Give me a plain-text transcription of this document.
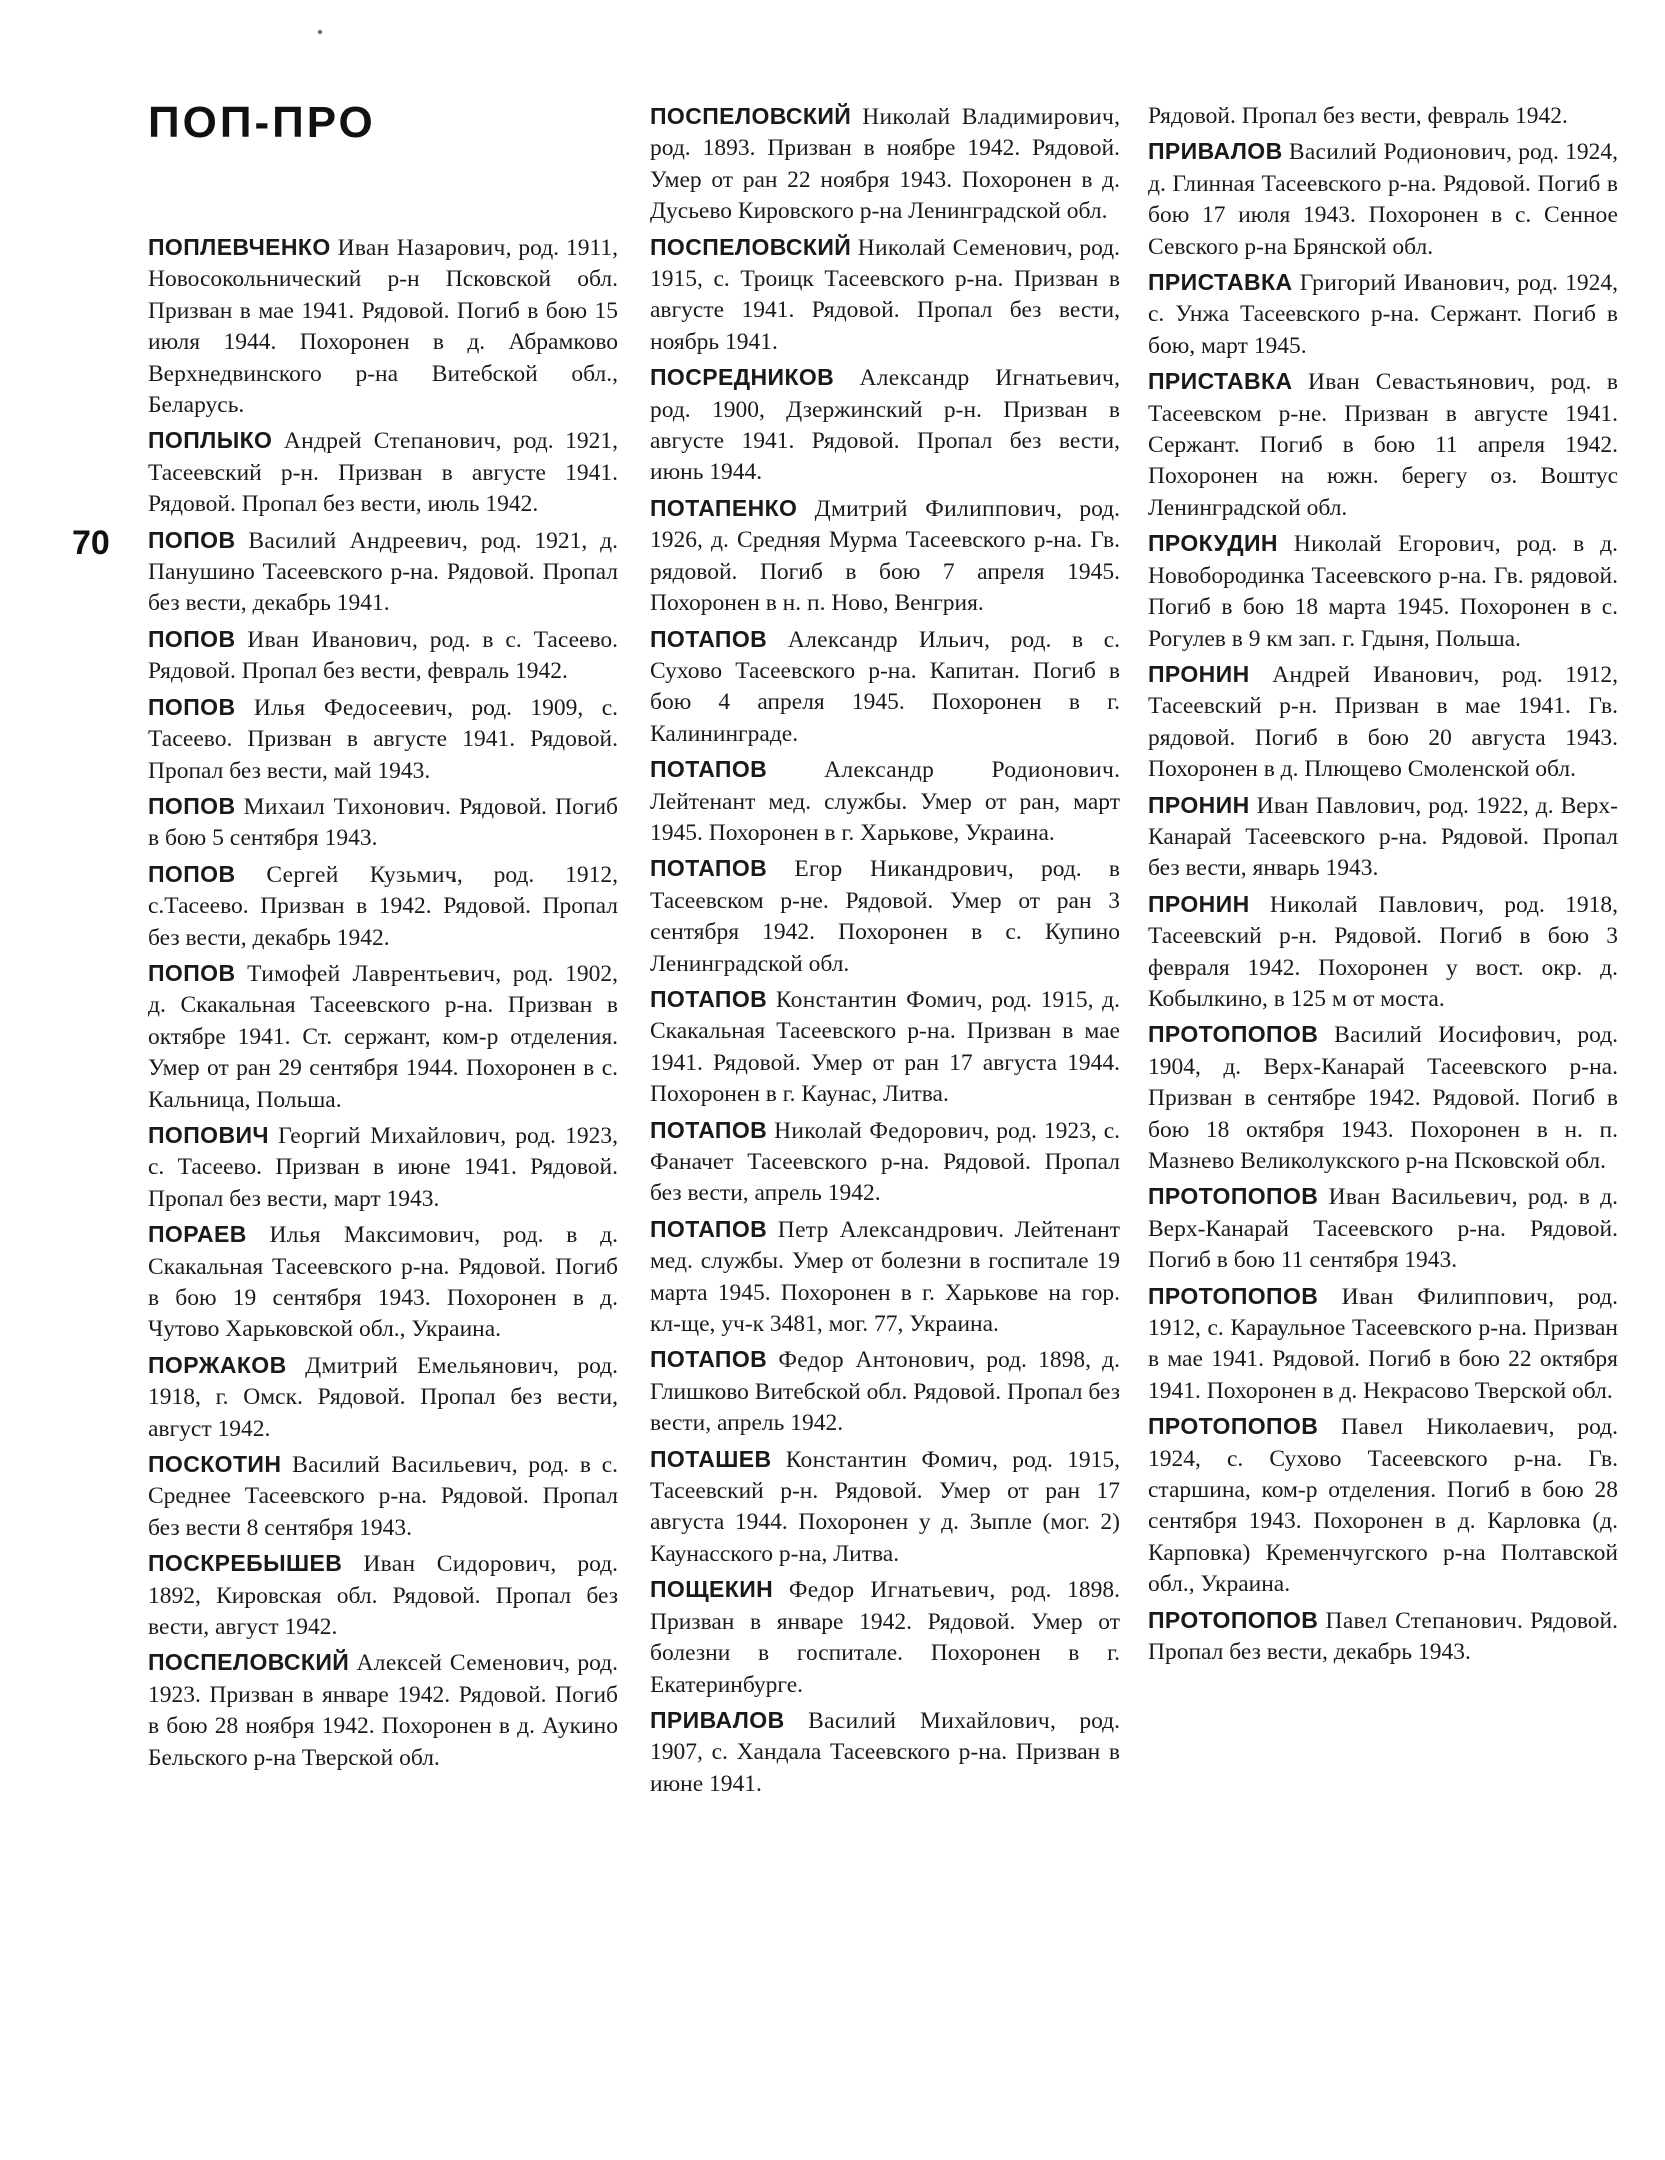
ПОП-ПРО
70

ПОПЛЕВЧЕНКО Иван Назарович, род. 1911, Новосокольнический р-н Псковской обл. Призван в мае 1941. Рядовой. Погиб в бою 15 июля 1944. Похоронен в д. Абрамково Верхнедвинского р-на Витебской обл., Беларусь.

ПОПЛЫКО Андрей Степанович, род. 1921, Тасеевский р-н. Призван в августе 1941. Рядовой. Пропал без вести, июль 1942.

ПОПОВ Василий Андреевич, род. 1921, д. Панушино Тасеевского р-на. Рядовой. Пропал без вести, декабрь 1941.

ПОПОВ Иван Иванович, род. в с. Тасеево. Рядовой. Пропал без вести, февраль 1942.

ПОПОВ Илья Федосеевич, род. 1909, с. Тасеево. Призван в августе 1941. Рядовой. Пропал без вести, май 1943.

ПОПОВ Михаил Тихонович. Рядовой. Погиб в бою 5 сентября 1943.

ПОПОВ Сергей Кузьмич, род. 1912, с.Тасеево. Призван в 1942. Рядовой. Пропал без вести, декабрь 1942.

ПОПОВ Тимофей Лаврентьевич, род. 1902, д. Скакальная Тасеевского р-на. Призван в октябре 1941. Ст. сержант, ком-р отделения. Умер от ран 29 сентября 1944. Похоронен в с. Кальница, Польша.

ПОПОВИЧ Георгий Михайлович, род. 1923, с. Тасеево. Призван в июне 1941. Рядовой. Пропал без вести, март 1943.

ПОРАЕВ Илья Максимович, род. в д. Скакальная Тасеевского р-на. Рядовой. Погиб в бою 19 сентября 1943. Похоронен в д. Чутово Харьковской обл., Украина.

ПОРЖАКОВ Дмитрий Емельянович, род. 1918, г. Омск. Рядовой. Пропал без вести, август 1942.

ПОСКОТИН Василий Васильевич, род. в с. Среднее Тасеевского р-на. Рядовой. Пропал без вести 8 сентября 1943.

ПОСКРЕБЫШЕВ Иван Сидорович, род. 1892, Кировская обл. Рядовой. Пропал без вести, август 1942.

ПОСПЕЛОВСКИЙ Алексей Семенович, род. 1923. Призван в январе 1942. Рядовой. Погиб в бою 28 ноября 1942. Похоронен в д. Аукино Бельского р-на Тверской обл.

ПОСПЕЛОВСКИЙ Николай Владимирович, род. 1893. Призван в ноябре 1942. Рядовой. Умер от ран 22 ноября 1943. Похоронен в д. Дусьево Кировского р-на Ленинградской обл.

ПОСПЕЛОВСКИЙ Николай Семенович, род. 1915, с. Троицк Тасеевского р-на. Призван в августе 1941. Рядовой. Пропал без вести, ноябрь 1941.

ПОСРЕДНИКОВ Александр Игнатьевич, род. 1900, Дзержинский р-н. Призван в августе 1941. Рядовой. Пропал без вести, июнь 1944.

ПОТАПЕНКО Дмитрий Филиппович, род. 1926, д. Средняя Мурма Тасеевского р-на. Гв. рядовой. Погиб в бою 7 апреля 1945. Похоронен в н. п. Ново, Венгрия.

ПОТАПОВ Александр Ильич, род. в с. Сухово Тасеевского р-на. Капитан. Погиб в бою 4 апреля 1945. Похоронен в г. Калининграде.

ПОТАПОВ Александр Родионович. Лейтенант мед. службы. Умер от ран, март 1945. Похоронен в г. Харькове, Украина.

ПОТАПОВ Егор Никандрович, род. в Тасеевском р-не. Рядовой. Умер от ран 3 сентября 1942. Похоронен в с. Купино Ленинградской обл.

ПОТАПОВ Константин Фомич, род. 1915, д. Скакальная Тасеевского р-на. Призван в мае 1941. Рядовой. Умер от ран 17 августа 1944. Похоронен в г. Каунас, Литва.

ПОТАПОВ Николай Федорович, род. 1923, с. Фаначет Тасеевского р-на. Рядовой. Пропал без вести, апрель 1942.

ПОТАПОВ Петр Александрович. Лейтенант мед. службы. Умер от болезни в госпитале 19 марта 1945. Похоронен в г. Харькове на гор. кл-ще, уч-к 3481, мог. 77, Украина.

ПОТАПОВ Федор Антонович, род. 1898, д. Глишково Витебской обл. Рядовой. Пропал без вести, апрель 1942.

ПОТАШЕВ Константин Фомич, род. 1915, Тасеевский р-н. Рядовой. Умер от ран 17 августа 1944. Похоронен у д. Зыпле (мог. 2) Каунасского р-на, Литва.

ПОЩЕКИН Федор Игнатьевич, род. 1898. Призван в январе 1942. Рядовой. Умер от болезни в госпитале. Похоронен в г. Екатеринбурге.

ПРИВАЛОВ Василий Михайлович, род. 1907, с. Хандала Тасеевского р-на. Призван в июне 1941.

Рядовой. Пропал без вести, февраль 1942.

ПРИВАЛОВ Василий Родионович, род. 1924, д. Глинная Тасеевского р-на. Рядовой. Погиб в бою 17 июля 1943. Похоронен в с. Сенное Севского р-на Брянской обл.

ПРИСТАВКА Григорий Иванович, род. 1924, с. Унжа Тасеевского р-на. Сержант. Погиб в бою, март 1945.

ПРИСТАВКА Иван Севастьянович, род. в Тасеевском р-не. Призван в августе 1941. Сержант. Погиб в бою 11 апреля 1942. Похоронен на южн. берегу оз. Воштус Ленинградской обл.

ПРОКУДИН Николай Егорович, род. в д. Новобородинка Тасеевского р-на. Гв. рядовой. Погиб в бою 18 марта 1945. Похоронен в с. Рогулев в 9 км зап. г. Гдыня, Польша.

ПРОНИН Андрей Иванович, род. 1912, Тасеевский р-н. Призван в мае 1941. Гв. рядовой. Погиб в бою 20 августа 1943. Похоронен в д. Плющево Смоленской обл.

ПРОНИН Иван Павлович, род. 1922, д. Верх-Канарай Тасеевского р-на. Рядовой. Пропал без вести, январь 1943.

ПРОНИН Николай Павлович, род. 1918, Тасеевский р-н. Рядовой. Погиб в бою 3 февраля 1942. Похоронен у вост. окр. д. Кобылкино, в 125 м от моста.

ПРОТОПОПОВ Василий Иосифович, род. 1904, д. Верх-Канарай Тасеевского р-на. Призван в сентябре 1942. Рядовой. Погиб в бою 18 октября 1943. Похоронен в н. п. Мазнево Великолукского р-на Псковской обл.

ПРОТОПОПОВ Иван Васильевич, род. в д. Верх-Канарай Тасеевского р-на. Рядовой. Погиб в бою 11 сентября 1943.

ПРОТОПОПОВ Иван Филиппович, род. 1912, с. Караульное Тасеевского р-на. Призван в мае 1941. Рядовой. Погиб в бою 22 октября 1941. Похоронен в д. Некрасово Тверской обл.

ПРОТОПОПОВ Павел Николаевич, род. 1924, с. Сухово Тасеевского р-на. Гв. старшина, ком-р отделения. Погиб в бою 28 сентября 1943. Похоронен в д. Карловка (д. Карповка) Кременчугского р-на Полтавской обл., Украина.

ПРОТОПОПОВ Павел Степанович. Рядовой. Пропал без вести, декабрь 1943.
